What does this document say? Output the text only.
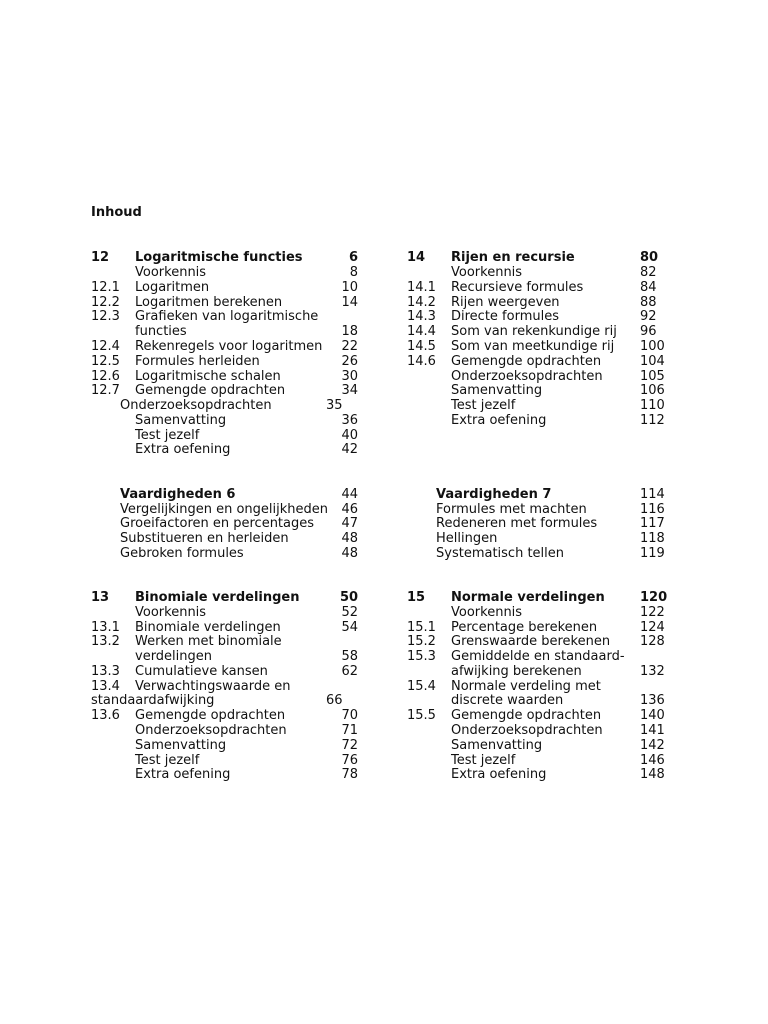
Inhoud
12 Logaritmische functies	6
Voorkennis	8
12.1 Logaritmen	10
12.2 Logaritmen berekenen	14
12.3 Grafieken van logaritmische
functies	18
12.4 Rekenregels voor logaritmen 22
12.5 Formules herleiden	26
12.6 Logaritmische schalen	30
12.7 Gemengde opdrachten	34
Onderzoeksopdrachten	35
Samenvatting	36
Test jezelf	40
Extra oefening	42
14 Rijen en recursie	80
Voorkennis	82
14.1 Recursieve formules	84
14.2 Rijen weergeven	88
14.3 Directe formules	92
14.4 Som van rekenkundige rij 96
14.5 Som van meetkundige rij 100
14.6 Gemengde opdrachten	104
Onderzoeksopdrachten	105
Samenvatting	106
Test jezelf	110
Extra oefening	112
Vaardigheden 6	44
Vergelijkingen en ongelijkheden 46
Groeifactoren en percentages 47
Substitueren en herleiden	48
Gebroken formules	48
Vaardigheden 7	114
Formules met machten	116
Redeneren met formules	117
Hellingen	118
Systematisch tellen	119
13 Binomiale verdelingen	50
Voorkennis	52
13.1 Binomiale verdelingen	54
13.2 Werken met binomiale
verdelingen	58
13.3 Cumulatieve kansen	62
13.4 Verwachtingswaarde en
standaardafwijking	66
13.6 Gemengde opdrachten	70
Onderzoeksopdrachten	71
Samenvatting	72
Test jezelf	76
Extra oefening	78
15 Normale verdelingen	120
Voorkennis	122
15.1 Percentage berekenen	124
15.2 Grenswaarde berekenen 128
15.3 Gemiddelde en standaard-
afwijking berekenen	132
15.4 Normale verdeling met
discrete waarden	136
15.5 Gemengde opdrachten	140
Onderzoeksopdrachten	141
Samenvatting	142
Test jezelf	146
Extra oefening	148
